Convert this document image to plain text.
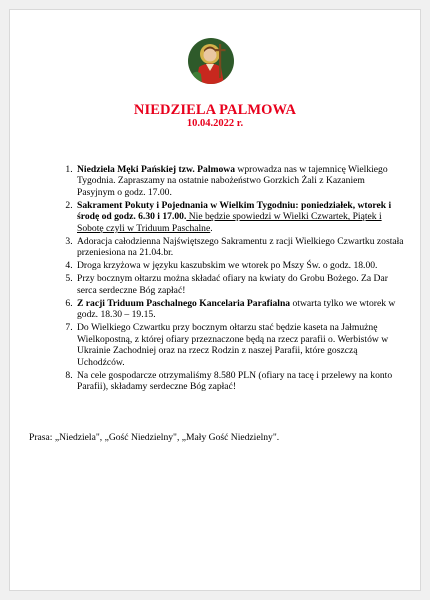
NIEDZIELA PALMOWA
10.04.2022 r.
1. Niedziela Męki Pańskiej tzw. Palmowa wprowadza nas w tajemnicę Wielkiego Tygodnia. Zapraszamy na ostatnie nabożeństwo Gorzkich Żali z Kazaniem Pasyjnym o godz. 17.00.
2. Sakrament Pokuty i Pojednania w Wielkim Tygodniu: poniedziałek, wtorek i środę od godz. 6.30 i 17.00. Nie będzie spowiedzi w Wielki Czwartek, Piątek i Sobotę czyli w Triduum Paschalne.
3. Adoracja całodzienna Najświętszego Sakramentu z racji Wielkiego Czwartku została przeniesiona na 21.04.br.
4. Droga krzyżowa w języku kaszubskim we wtorek po Mszy Św. o godz. 18.00.
5. Przy bocznym ołtarzu można składać ofiary na kwiaty do Grobu Bożego. Za Dar serca serdeczne Bóg zapłać!
6. Z racji Triduum Paschalnego Kancelaria Parafialna otwarta tylko we wtorek w godz. 18.30 – 19.15.
7. Do Wielkiego Czwartku przy bocznym ołtarzu stać będzie kaseta na Jałmużnę Wielkopostną, z której ofiary przeznaczone będą na rzecz parafii o. Werbistów w Ukrainie Zachodniej oraz na rzecz Rodzin z naszej Parafii, które goszczą Uchodźców.
8. Na cele gospodarcze otrzymaliśmy 8.580 PLN (ofiary na tacę i przelewy na konto Parafii), składamy serdeczne Bóg zapłać!
Prasa: „Niedziela", „Gość Niedzielny", „Mały Gość Niedzielny".
